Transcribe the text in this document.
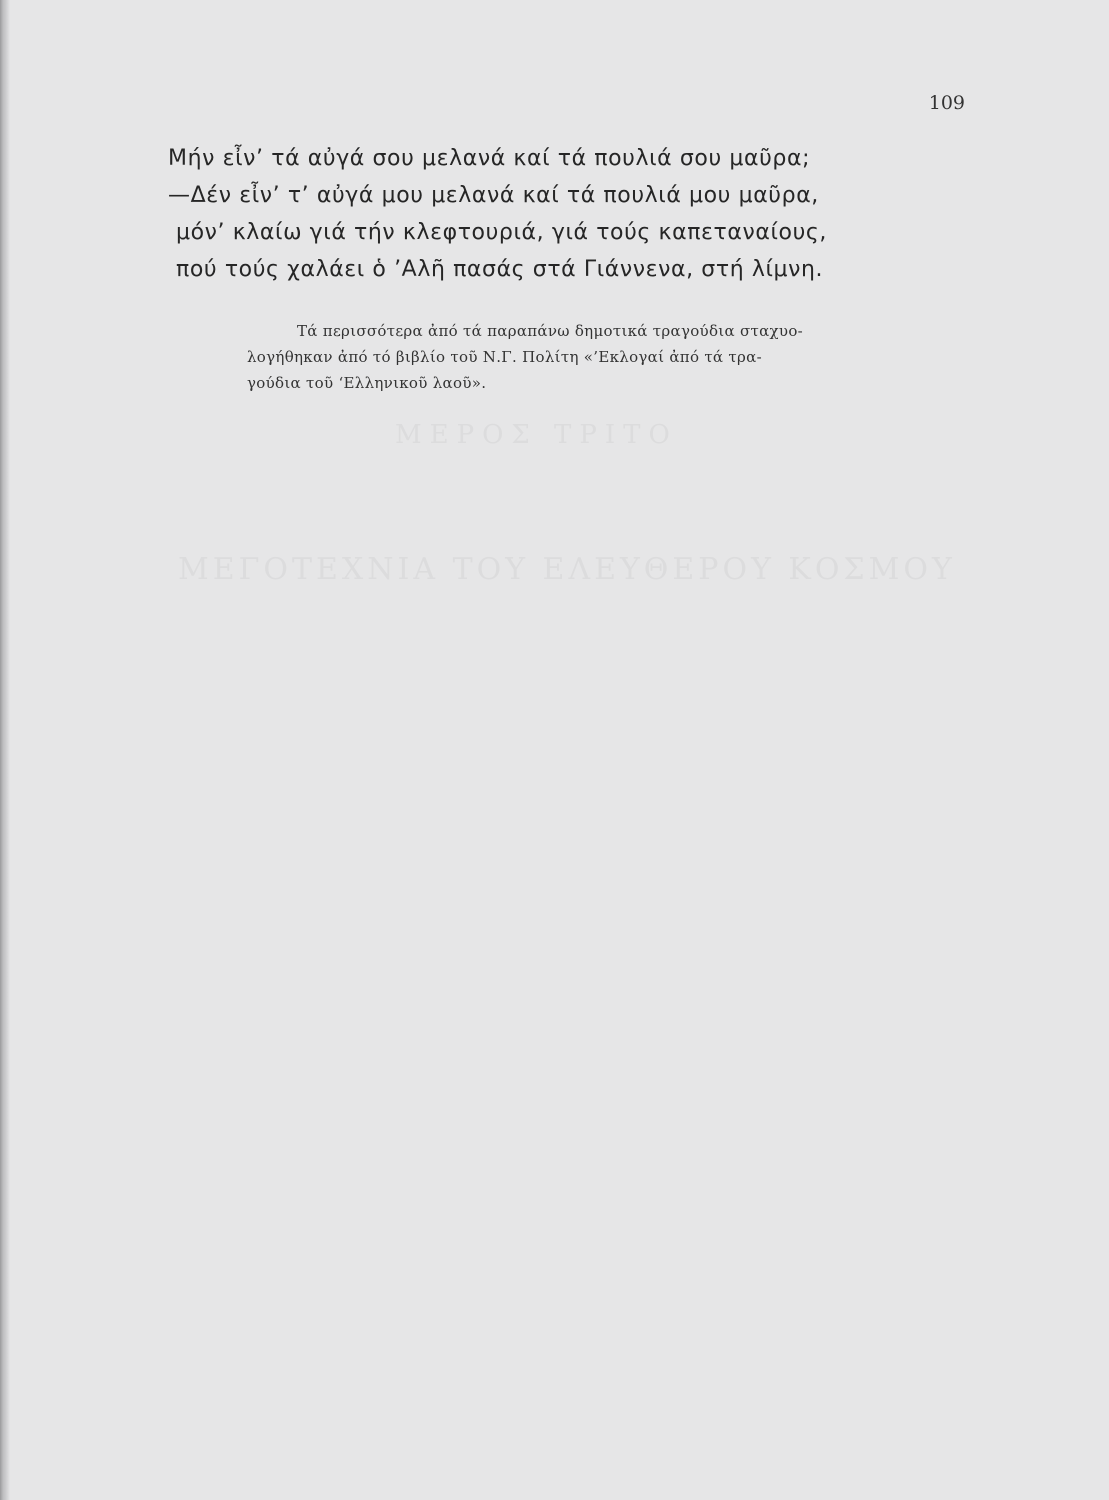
109
Μήν εἶν’ τά αὐγά σου μελανά καί τά πουλιά σου μαῦρα;
—Δέν εἶν’ τ’ αὐγά μου μελανά καί τά πουλιά μου μαῦρα,
μόν’ κλαίω γιά τήν κλεφτουριά, γιά τούς καπεταναίους,
πού τούς χαλάει ὁ ’Αλῆ πασάς στά Γιάννενα, στή λίμνη.
Τά περισσότερα ἀπό τά παραπάνω δημοτικά τραγούδια σταχυο-
λογήθηκαν ἀπό τό βιβλίο τοῦ Ν.Γ. Πολίτη «’Εκλογαί ἀπό τά τρα-
γούδια τοῦ ‘Ελληνικοῦ λαοῦ».
ΜΕΡΟΣ ΤΡΙΤΟ
ΜΕΓΟΤΕΧΝΙΑ ΤΟΥ ΕΛΕΥΘΕΡΟΥ ΚΟΣΜΟΥ
